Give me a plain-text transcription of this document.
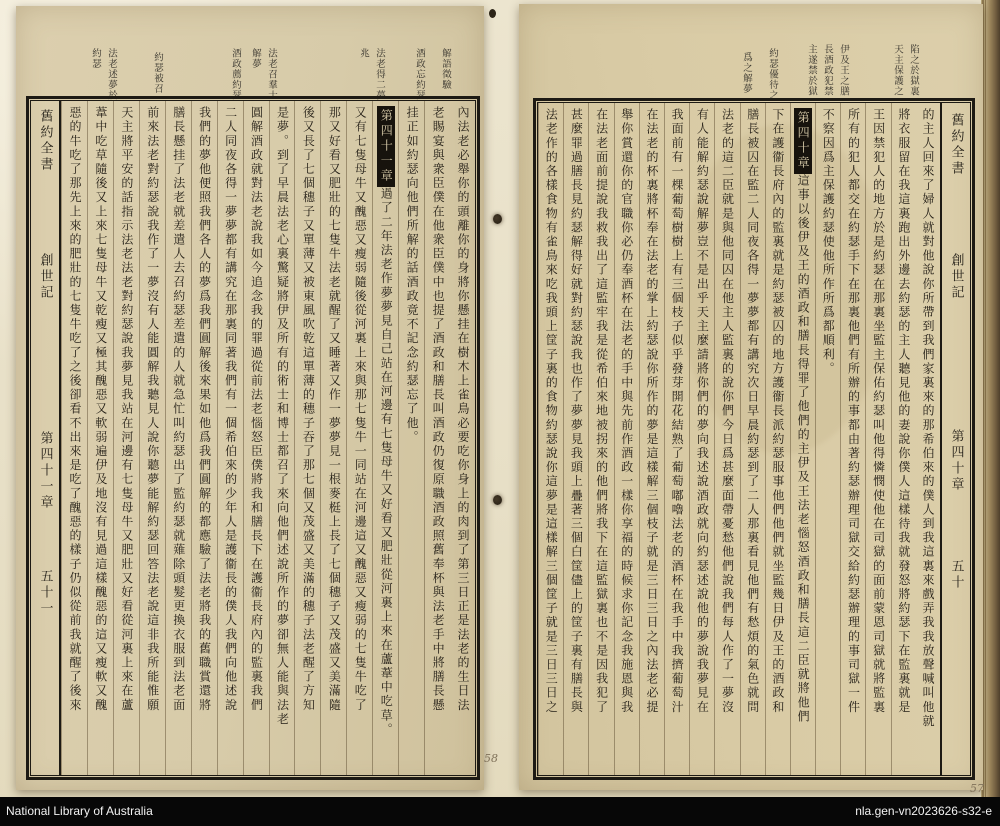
解語徵驗
酒政忘約瑟
法老得二夢
兆
法老召羣士
解夢
酒政薦約瑟
約瑟被召
法老述夢於
約瑟
舊約全書
創世記
第四十一章
五十一	內法老必舉你的頭離你的身將你懸挂在樹木上雀鳥必要吃你身上的肉到了第三日正是法老的生日法
老賜宴與衆臣僕在他衆臣僕中也提了酒政和膳長叫酒政仍復原職酒政照舊奉杯與法老手中將膳長懸
挂正如約瑟向他們所解的話酒政竟不記念約瑟忘了他。
第四十一章過了二年法老作夢夢見自己站在河邊有七隻母牛又好看又肥壯從河裏上來在蘆葦中吃草。
又有七隻母牛又醜惡又瘦弱隨後從河裏上來與那七隻牛一同站在河邊這又醜惡又瘦弱的七隻牛吃了
那又好看又肥壯的七隻牛法老就醒了又睡著又作一夢夢見一根麥梃上長了七個穗子又茂盛又美滿隨
後又長了七個穗子又單薄又被東風吹乾這單薄的穗子吞了那七個又茂盛又美滿的穗子法老醒了方知
是夢。到了早晨法老心裏驚疑將伊及所有的術士和博士都召了來向他們述說所作的夢卻無人能與法老
圓解酒政就對法老說我如今追念我的罪過從前法老惱怒臣僕將我和膳長下在護衞長府內的監裏我們
二人同夜各得一夢夢都有講究在那裏同著我們有一個希伯來的少年人是護衞長的僕人我們向他述說
我們的夢他便照我們各人的夢爲我們圓解後來果如他爲我們圓解的都應驗了法老將我的舊職賞還將
膳長懸挂了法老就差遣人去召約瑟差遣的人就急忙叫約瑟出了監約瑟就薙除頭髮更換衣服到法老面
前來法老對約瑟說我作了一夢沒有人能圓解我聽見人說你聽夢能解約瑟回答法老說這非我所能惟願
天主將平安的話指示法老法老對約瑟說我夢見我站在河邊有七隻母牛又肥壯又好看從河裏上來在蘆
葦中吃草隨後又上來七隻母牛又乾瘦又極其醜惡又軟弱遍伊及地沒有見過這樣醜惡的這又瘦軟又醜
惡的牛吃了那先上來的肥壯的七隻牛吃了之後卻看不出來是吃了醜惡的樣子仍似從前我就醒了後來
陷之於獄裏
天主保護之
伊及王之膳
長酒政犯禁
主遂禁於獄
約瑟優待之
爲之解夢
的主人回來了婦人就對他說你所帶到我們家裏來的那希伯來的僕人到我這裏來戲弄我我放聲喊叫他就
將衣服留在我這裏跑出外邊去約瑟的主人聽見他的妻說你僕人這樣待我就發怒將約瑟下在監裏就是
王因禁犯人的地方於是約瑟在那裏坐監主保佑約瑟叫他得憐憫使他在司獄的面前蒙恩司獄就將監裏
所有的犯人都交在約瑟手下在那裏他們有所辦的事都由著約瑟辦理司獄交給約瑟辦理的事司獄一件
不察因爲主保護約瑟使他所作所爲都順利。
第四十章這事以後伊及王的酒政和膳長得罪了他們的主伊及王法老惱怒酒政和膳長這二臣就將他們
下在護衞長府內的監裏就是約瑟被囚的地方護衞長派約瑟服事他們他們就坐監幾日伊及王的酒政和
膳長被囚在監二人同夜各得一夢夢都有講究次日早晨約瑟到了二人那裏看見他們有愁煩的氣色就問
法老的這二臣就是與他同囚在他主人監裏的說你們今日爲甚麼面帶憂愁他們說我們每人作了一夢沒
有人能解約瑟說解夢豈不是出乎天主麼請將你們的夢向我述說酒政就向約瑟述說他的夢說我夢見在
我面前有一棵葡萄樹樹上有三個枝子似乎發芽開花結熟了葡萄嘟嚕法老的酒杯在我手中我擠葡萄汁
在法老的杯裏將杯奉在法老的掌上約瑟說你所作的夢是這樣解三個枝子就是三日三日之內法老必提
舉你賞還你的官職你必仍奉酒杯在法老的手中與先前作酒政一樣你享福的時候求你記念我施恩與我
在法老面前提說我救我出了這監牢我是從希伯來地被拐來的他們將我下在這監獄裏也不是因我犯了
甚麼罪過膳長見約瑟解得好就對約瑟說我也作了夢夢見我頭上疊著三個白筐儘上的筐子裏有膳長與
法老作的各樣食物有雀鳥來吃我頭上筐子裏的食物約瑟說你這夢是這樣解三個筐子就是三日三日之	舊約全書
創世記
第四十章
五十
58
57
National Library of Australia	nla.gen-vn2023626-s32-e
